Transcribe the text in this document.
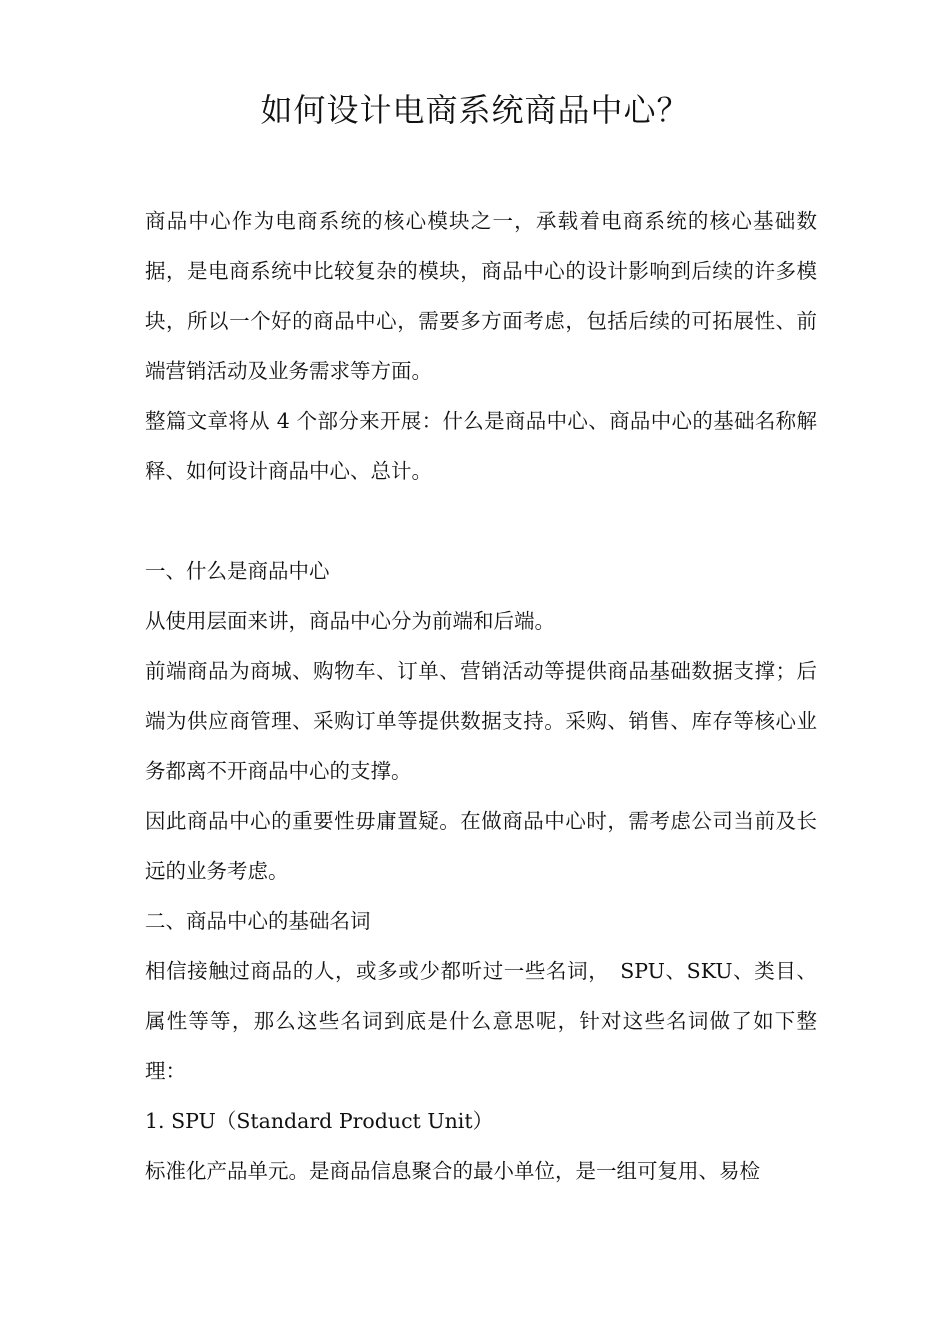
如何设计电商系统商品中心？

商品中心作为电商系统的核心模块之一，承载着电商系统的核心基础数据，是电商系统中比较复杂的模块，商品中心的设计影响到后续的许多模块，所以一个好的商品中心，需要多方面考虑，包括后续的可拓展性、前端营销活动及业务需求等方面。

整篇文章将从 4 个部分来开展：什么是商品中心、商品中心的基础名称解释、如何设计商品中心、总计。

一、什么是商品中心

从使用层面来讲，商品中心分为前端和后端。

前端商品为商城、购物车、订单、营销活动等提供商品基础数据支撑；后端为供应商管理、采购订单等提供数据支持。采购、销售、库存等核心业务都离不开商品中心的支撑。

因此商品中心的重要性毋庸置疑。在做商品中心时，需考虑公司当前及长远的业务考虑。

二、商品中心的基础名词

相信接触过商品的人，或多或少都听过一些名词，　SPU、SKU、类目、属性等等，那么这些名词到底是什么意思呢，针对这些名词做了如下整理：

1. SPU（Standard Product Unit）

标准化产品单元。是商品信息聚合的最小单位，是一组可复用、易检
